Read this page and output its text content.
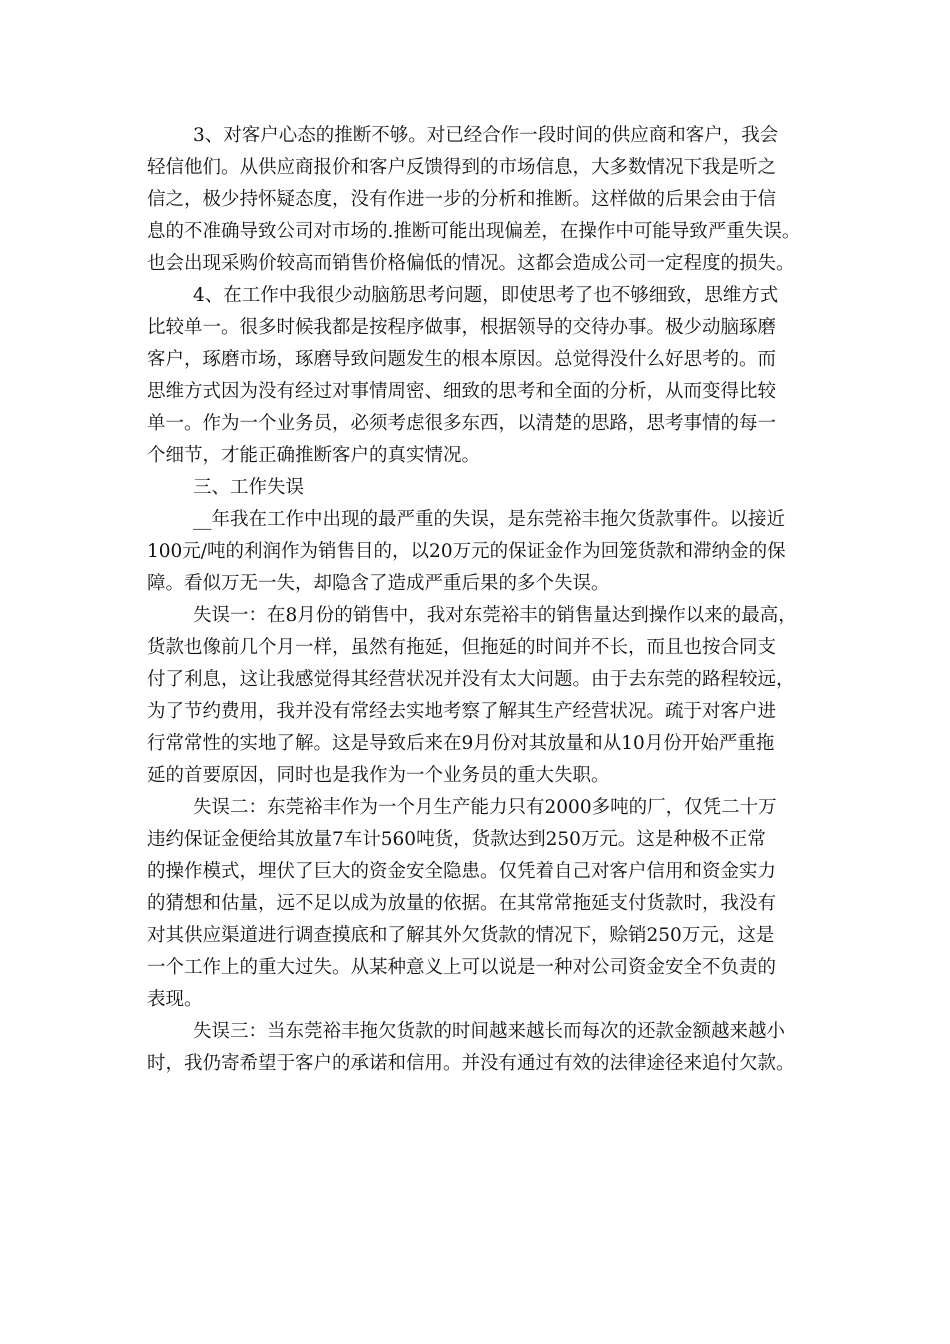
3、对客户心态的推断不够。对已经合作一段时间的供应商和客户，我会
轻信他们。从供应商报价和客户反馈得到的市场信息，大多数情况下我是听之
信之，极少持怀疑态度，没有作进一步的分析和推断。这样做的后果会由于信
息的不准确导致公司对市场的.推断可能出现偏差，在操作中可能导致严重失误。
也会出现采购价较高而销售价格偏低的情况。这都会造成公司一定程度的损失。
4、在工作中我很少动脑筋思考问题，即使思考了也不够细致，思维方式
比较单一。很多时候我都是按程序做事，根据领导的交待办事。极少动脑琢磨
客户，琢磨市场，琢磨导致问题发生的根本原因。总觉得没什么好思考的。而
思维方式因为没有经过对事情周密、细致的思考和全面的分析，从而变得比较
单一。作为一个业务员，必须考虑很多东西，以清楚的思路，思考事情的每一
个细节，才能正确推断客户的真实情况。
三、工作失误
__年我在工作中出现的最严重的失误，是东莞裕丰拖欠货款事件。以接近
100元/吨的利润作为销售目的，以20万元的保证金作为回笼货款和滞纳金的保
障。看似万无一失，却隐含了造成严重后果的多个失误。
失误一：在8月份的销售中，我对东莞裕丰的销售量达到操作以来的最高，
货款也像前几个月一样，虽然有拖延，但拖延的时间并不长，而且也按合同支
付了利息，这让我感觉得其经营状况并没有太大问题。由于去东莞的路程较远，
为了节约费用，我并没有常经去实地考察了解其生产经营状况。疏于对客户进
行常常性的实地了解。这是导致后来在9月份对其放量和从10月份开始严重拖
延的首要原因，同时也是我作为一个业务员的重大失职。
失误二：东莞裕丰作为一个月生产能力只有2000多吨的厂，仅凭二十万
违约保证金便给其放量7车计560吨货，货款达到250万元。这是种极不正常
的操作模式，埋伏了巨大的资金安全隐患。仅凭着自己对客户信用和资金实力
的猜想和估量，远不足以成为放量的依据。在其常常拖延支付货款时，我没有
对其供应渠道进行调查摸底和了解其外欠货款的情况下，赊销250万元，这是
一个工作上的重大过失。从某种意义上可以说是一种对公司资金安全不负责的
表现。
失误三：当东莞裕丰拖欠货款的时间越来越长而每次的还款金额越来越小
时，我仍寄希望于客户的承诺和信用。并没有通过有效的法律途径来追付欠款。
